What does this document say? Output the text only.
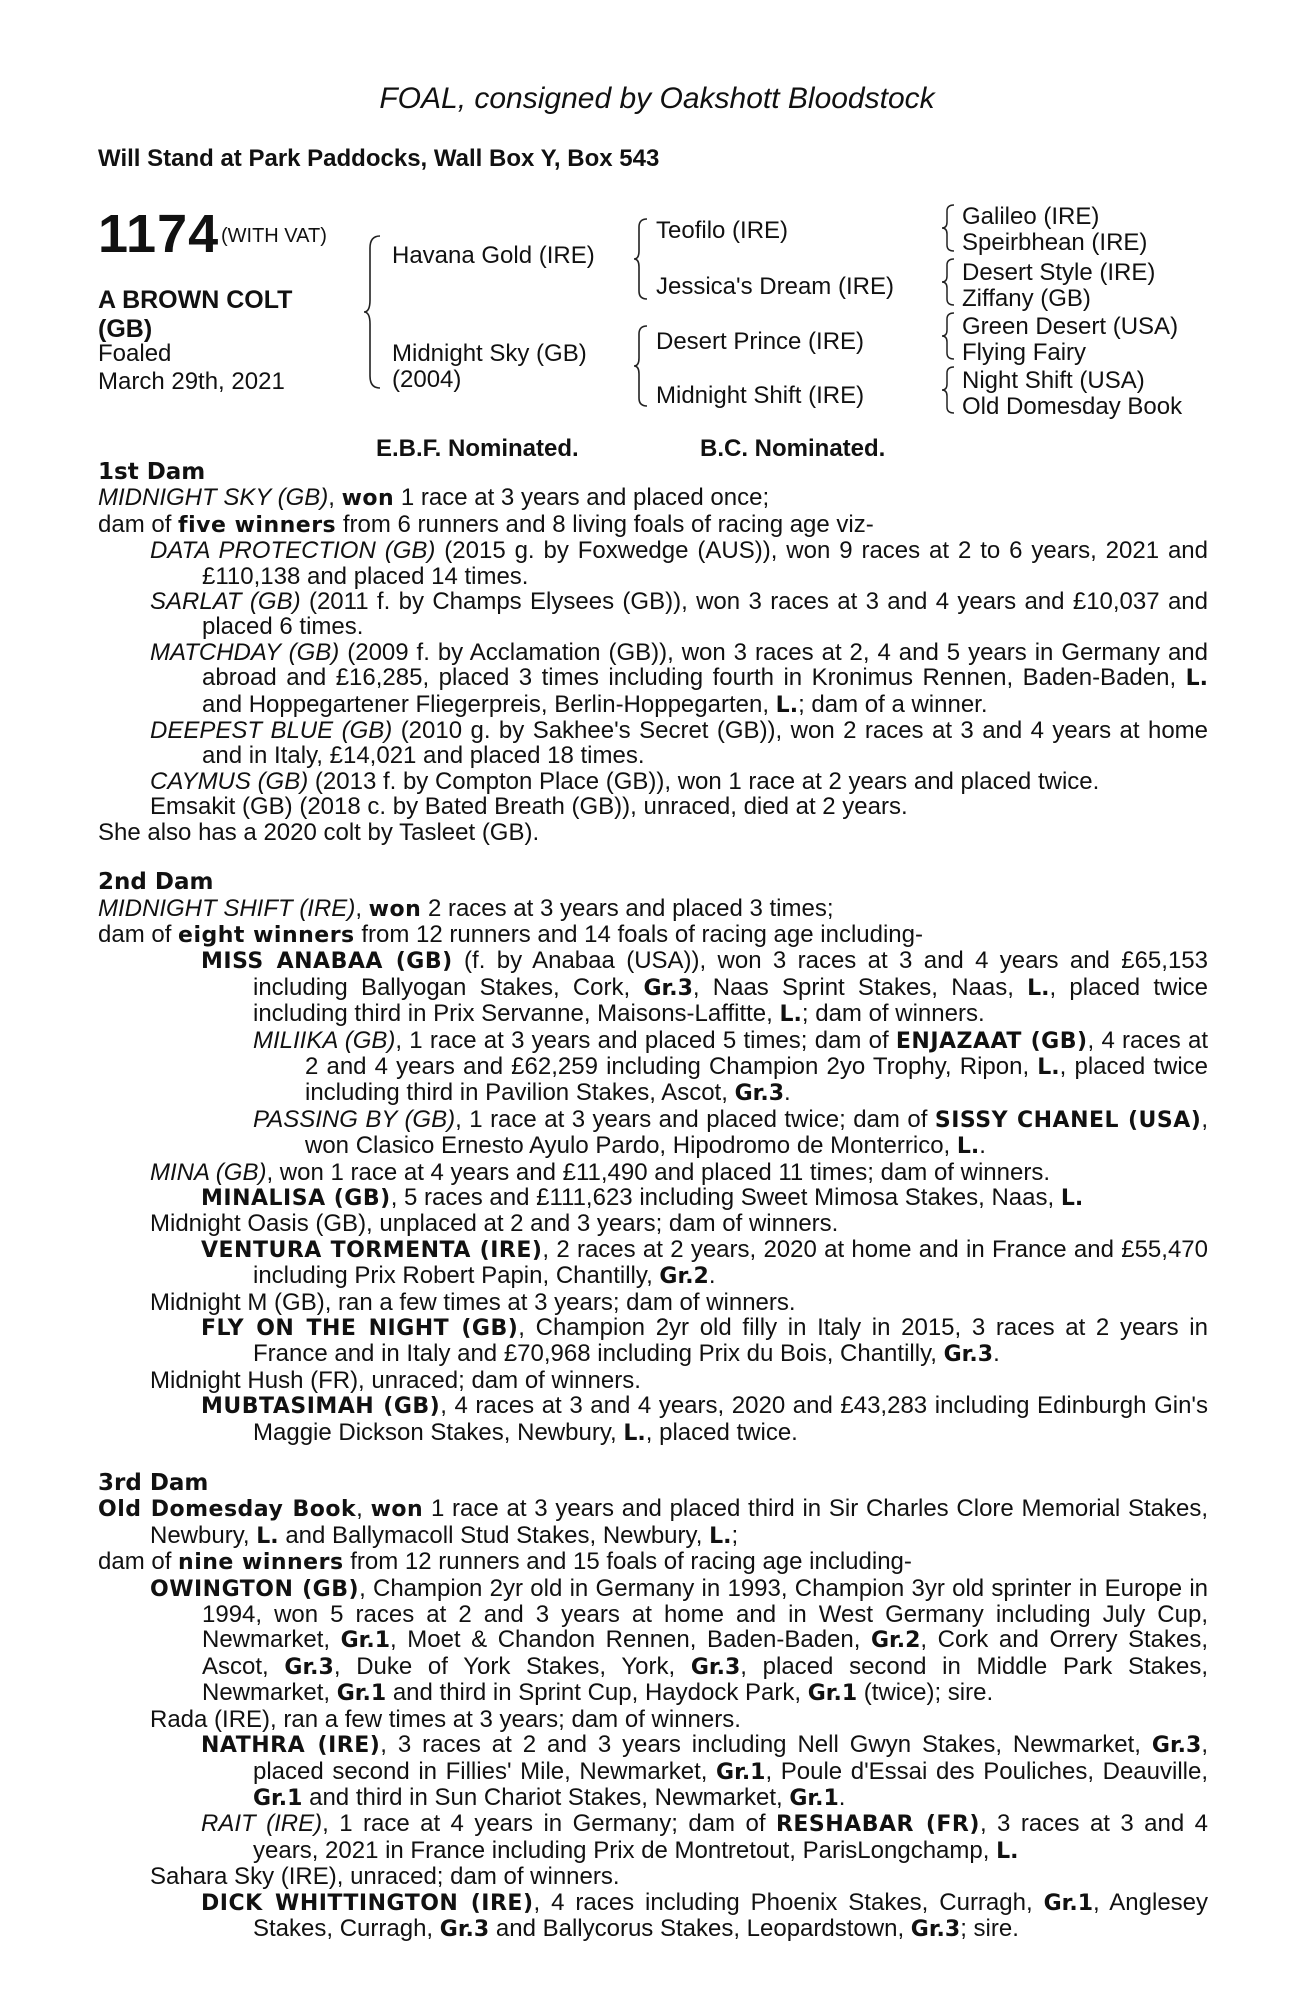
FOAL, consigned by Oakshott Bloodstock
Will Stand at Park Paddocks, Wall Box Y, Box 543
1174 (WITH VAT)
A BROWN COLT (GB)
Foaled
March 29th, 2021
Havana Gold (IRE)
Midnight Sky (GB)
(2004)
Teofilo (IRE)
Jessica's Dream (IRE)
Desert Prince (IRE)
Midnight Shift (IRE)
Galileo (IRE)
Speirbhean (IRE)
Desert Style (IRE)
Ziffany (GB)
Green Desert (USA)
Flying Fairy
Night Shift (USA)
Old Domesday Book
E.B.F. Nominated.	B.C. Nominated.

1st Dam

MIDNIGHT SKY (GB), won 1 race at 3 years and placed once;

dam of five winners from 6 runners and 8 living foals of racing age viz-

DATA PROTECTION (GB) (2015 g. by Foxwedge (AUS)), won 9 races at 2 to 6 years, 2021 and £110,138 and placed 14 times.

SARLAT (GB) (2011 f. by Champs Elysees (GB)), won 3 races at 3 and 4 years and £10,037 and placed 6 times.

MATCHDAY (GB) (2009 f. by Acclamation (GB)), won 3 races at 2, 4 and 5 years in Germany and abroad and £16,285, placed 3 times including fourth in Kronimus Rennen, Baden-Baden, L. and Hoppegartener Fliegerpreis, Berlin-Hoppegarten, L.; dam of a winner.

DEEPEST BLUE (GB) (2010 g. by Sakhee's Secret (GB)), won 2 races at 3 and 4 years at home and in Italy, £14,021 and placed 18 times.

CAYMUS (GB) (2013 f. by Compton Place (GB)), won 1 race at 2 years and placed twice.

Emsakit (GB) (2018 c. by Bated Breath (GB)), unraced, died at 2 years.

She also has a 2020 colt by Tasleet (GB).

2nd Dam

MIDNIGHT SHIFT (IRE), won 2 races at 3 years and placed 3 times;

dam of eight winners from 12 runners and 14 foals of racing age including-

MISS ANABAA (GB) (f. by Anabaa (USA)), won 3 races at 3 and 4 years and £65,153 including Ballyogan Stakes, Cork, Gr.3, Naas Sprint Stakes, Naas, L., placed twice including third in Prix Servanne, Maisons-Laffitte, L.; dam of winners.

MILIIKA (GB), 1 race at 3 years and placed 5 times; dam of ENJAZAAT (GB), 4 races at 2 and 4 years and £62,259 including Champion 2yo Trophy, Ripon, L., placed twice including third in Pavilion Stakes, Ascot, Gr.3.

PASSING BY (GB), 1 race at 3 years and placed twice; dam of SISSY CHANEL (USA), won Clasico Ernesto Ayulo Pardo, Hipodromo de Monterrico, L..

MINA (GB), won 1 race at 4 years and £11,490 and placed 11 times; dam of winners.

MINALISA (GB), 5 races and £111,623 including Sweet Mimosa Stakes, Naas, L.

Midnight Oasis (GB), unplaced at 2 and 3 years; dam of winners.

VENTURA TORMENTA (IRE), 2 races at 2 years, 2020 at home and in France and £55,470 including Prix Robert Papin, Chantilly, Gr.2.

Midnight M (GB), ran a few times at 3 years; dam of winners.

FLY ON THE NIGHT (GB), Champion 2yr old filly in Italy in 2015, 3 races at 2 years in France and in Italy and £70,968 including Prix du Bois, Chantilly, Gr.3.

Midnight Hush (FR), unraced; dam of winners.

MUBTASIMAH (GB), 4 races at 3 and 4 years, 2020 and £43,283 including Edinburgh Gin's Maggie Dickson Stakes, Newbury, L., placed twice.

3rd Dam

Old Domesday Book, won 1 race at 3 years and placed third in Sir Charles Clore Memorial Stakes, Newbury, L. and Ballymacoll Stud Stakes, Newbury, L.;

dam of nine winners from 12 runners and 15 foals of racing age including-

OWINGTON (GB), Champion 2yr old in Germany in 1993, Champion 3yr old sprinter in Europe in 1994, won 5 races at 2 and 3 years at home and in West Germany including July Cup, Newmarket, Gr.1, Moet & Chandon Rennen, Baden-Baden, Gr.2, Cork and Orrery Stakes, Ascot, Gr.3, Duke of York Stakes, York, Gr.3, placed second in Middle Park Stakes, Newmarket, Gr.1 and third in Sprint Cup, Haydock Park, Gr.1 (twice); sire.

Rada (IRE), ran a few times at 3 years; dam of winners.

NATHRA (IRE), 3 races at 2 and 3 years including Nell Gwyn Stakes, Newmarket, Gr.3, placed second in Fillies' Mile, Newmarket, Gr.1, Poule d'Essai des Pouliches, Deauville, Gr.1 and third in Sun Chariot Stakes, Newmarket, Gr.1.

RAIT (IRE), 1 race at 4 years in Germany; dam of RESHABAR (FR), 3 races at 3 and 4 years, 2021 in France including Prix de Montretout, ParisLongchamp, L.

Sahara Sky (IRE), unraced; dam of winners.

DICK WHITTINGTON (IRE), 4 races including Phoenix Stakes, Curragh, Gr.1, Anglesey Stakes, Curragh, Gr.3 and Ballycorus Stakes, Leopardstown, Gr.3; sire.
